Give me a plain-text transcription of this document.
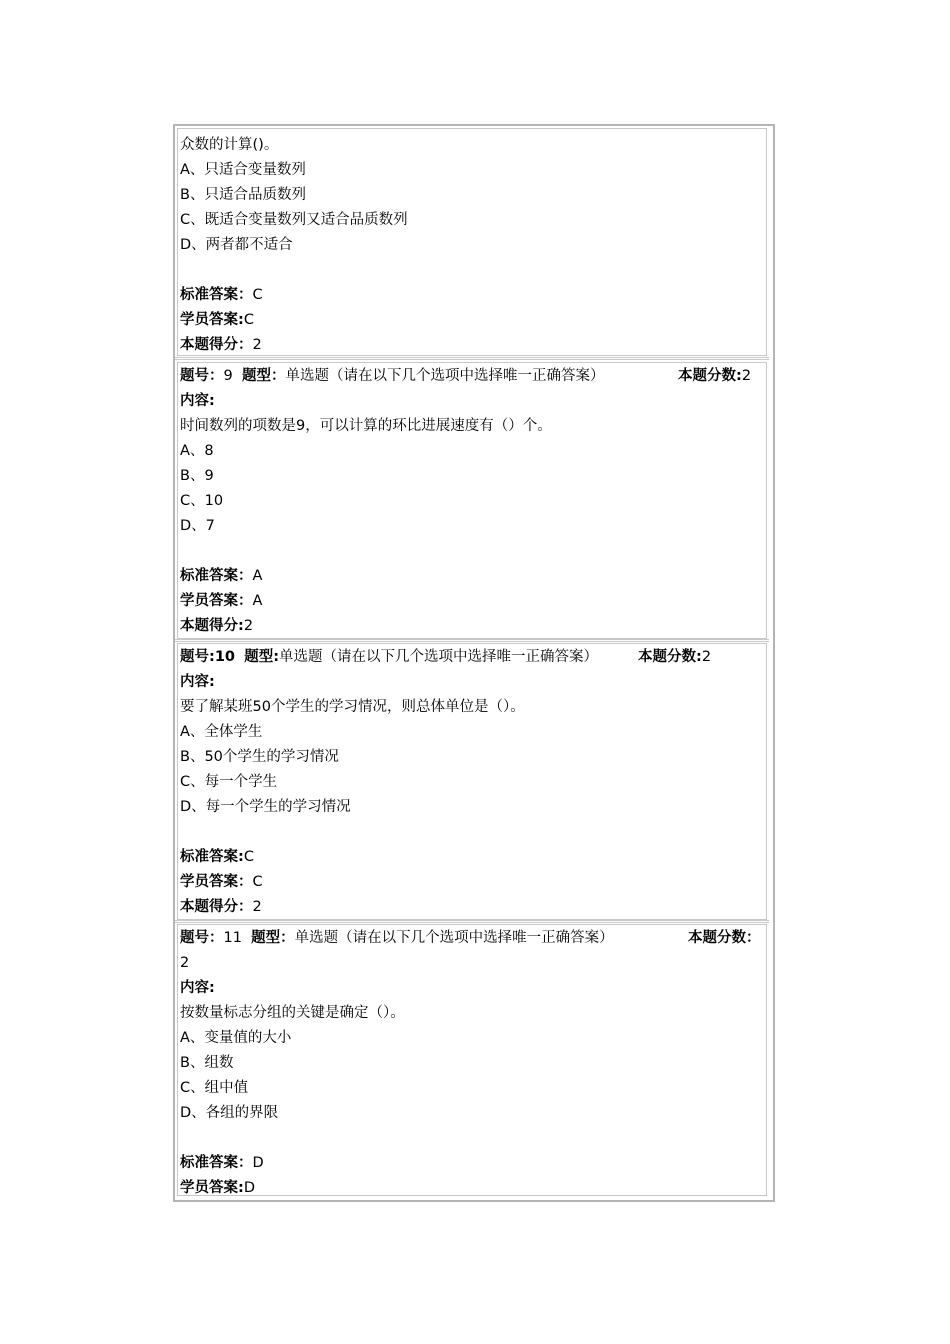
众数的计算()。
A、只适合变量数列
B、只适合品质数列
C、既适合变量数列又适合品质数列
D、两者都不适合
标准答案：C
学员答案:C
本题得分：2
题号：9 题型：单选题（请在以下几个选项中选择唯一正确答案）	本题分数:2
内容:
时间数列的项数是9，可以计算的环比进展速度有（）个。
A、8
B、9
C、10
D、7
标准答案：A
学员答案：A
本题得分:2
题号:10 题型:单选题（请在以下几个选项中选择唯一正确答案）	本题分数:2
内容:
要了解某班50个学生的学习情况，则总体单位是（）。
A、全体学生
B、50个学生的学习情况
C、每一个学生
D、每一个学生的学习情况
标准答案:C
学员答案：C
本题得分：2
题号：11 题型：单选题（请在以下几个选项中选择唯一正确答案）	本题分数：
2
内容:
按数量标志分组的关键是确定（）。
A、变量值的大小
B、组数
C、组中值
D、各组的界限
标准答案：D
学员答案:D
